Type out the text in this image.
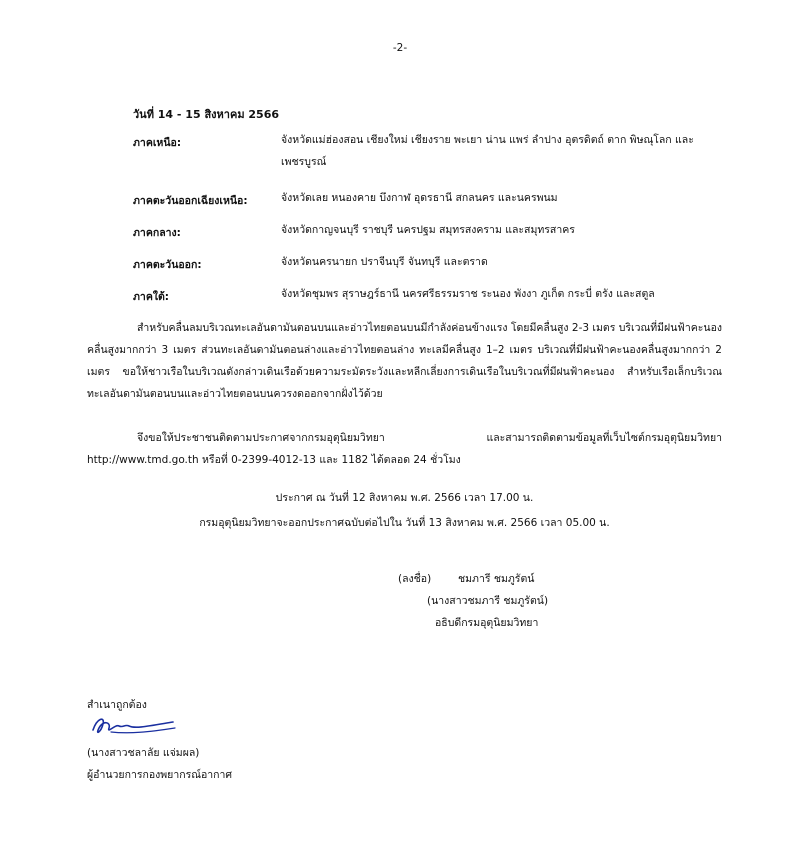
-2-
วันที่ 14 - 15 สิงหาคม 2566
ภาคเหนือ:	จังหวัดแม่ฮ่องสอน เชียงใหม่ เชียงราย พะเยา น่าน แพร่ ลำปาง อุตรดิตถ์ ตาก พิษณุโลก และเพชรบูรณ์
ภาคตะวันออกเฉียงเหนือ:	จังหวัดเลย หนองคาย บึงกาฬ อุดรธานี สกลนคร และนครพนม
ภาคกลาง:	จังหวัดกาญจนบุรี ราชบุรี นครปฐม สมุทรสงคราม และสมุทรสาคร
ภาคตะวันออก:	จังหวัดนครนายก ปราจีนบุรี จันทบุรี และตราด
ภาคใต้:	จังหวัดชุมพร สุราษฎร์ธานี นครศรีธรรมราช ระนอง พังงา ภูเก็ต กระบี่ ตรัง และสตูล
สำหรับคลื่นลมบริเวณทะเลอันดามันตอนบนและอ่าวไทยตอนบนมีกำลังค่อนข้างแรง โดยมีคลื่นสูง 2-3 เมตร บริเวณที่มีฝนฟ้าคะนองคลื่นสูงมากกว่า 3 เมตร ส่วนทะเลอันดามันตอนล่างและอ่าวไทยตอนล่าง ทะเลมีคลื่นสูง 1–2 เมตร บริเวณที่มีฝนฟ้าคะนองคลื่นสูงมากกว่า 2 เมตร ขอให้ชาวเรือในบริเวณดังกล่าวเดินเรือด้วยความระมัดระวังและหลีกเลี่ยงการเดินเรือในบริเวณที่มีฝนฟ้าคะนอง สำหรับเรือเล็กบริเวณทะเลอันดามันตอนบนและอ่าวไทยตอนบนควรงดออกจากฝั่งไว้ด้วย
จึงขอให้ประชาชนติดตามประกาศจากกรมอุตุนิยมวิทยา และสามารถติดตามข้อมูลที่เว็บไซต์กรมอุตุนิยมวิทยา http://www.tmd.go.th หรือที่ 0-2399-4012-13 และ 1182 ได้ตลอด 24 ชั่วโมง
ประกาศ ณ วันที่ 12 สิงหาคม พ.ศ. 2566 เวลา 17.00 น.
กรมอุตุนิยมวิทยาจะออกประกาศฉบับต่อไปใน วันที่ 13 สิงหาคม พ.ศ. 2566 เวลา 05.00 น.
(ลงชื่อ)	ชมภารี ชมภูรัตน์
(นางสาวชมภารี ชมภูรัตน์)
อธิบดีกรมอุตุนิยมวิทยา
สำเนาถูกต้อง
(นางสาวชลาลัย แจ่มผล)
ผู้อำนวยการกองพยากรณ์อากาศ
